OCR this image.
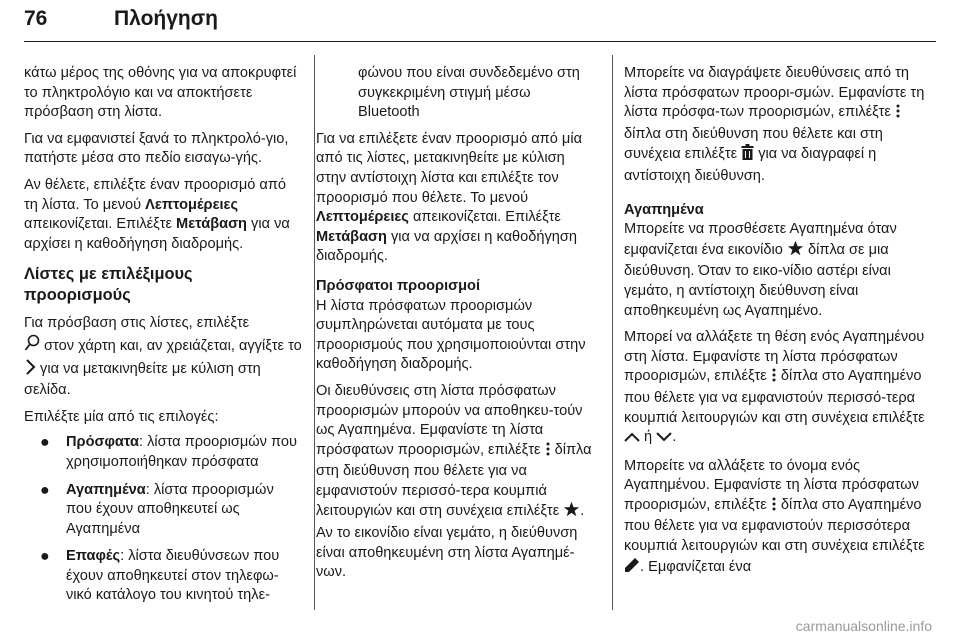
76	Πλοήγηση

κάτω μέρος της οθόνης για να αποκρυφτεί το πληκτρολόγιο και να αποκτήσετε πρόσβαση στη λίστα.

Για να εμφανιστεί ξανά το πληκτρολό-γιο, πατήστε μέσα στο πεδίο εισαγω-γής.

Αν θέλετε, επιλέξτε έναν προορισμό από τη λίστα. Το μενού Λεπτομέρειες απεικονίζεται. Επιλέξτε Μετάβαση για να αρχίσει η καθοδήγηση διαδρομής.

Λίστες με επιλέξιμους προορισμούς

Για πρόσβαση στις λίστες, επιλέξτε
στον χάρτη και, αν χρειάζεται, αγγίξτε το  για να μετακινηθείτε με κύλιση στη σελίδα.

Επιλέξτε μία από τις επιλογές:

● Πρόσφατα: λίστα προορισμών που χρησιμοποιήθηκαν πρόσφατα
● Αγαπημένα: λίστα προορισμών που έχουν αποθηκευτεί ως Αγαπημένα
● Επαφές: λίστα διευθύνσεων που έχουν αποθηκευτεί στον τηλεφω-νικό κατάλογο του κινητού τηλε-

φώνου που είναι συνδεδεμένο στη συγκεκριμένη στιγμή μέσω Bluetooth

Για να επιλέξετε έναν προορισμό από μία από τις λίστες, μετακινηθείτε με κύλιση στην αντίστοιχη λίστα και επιλέξτε τον προορισμό που θέλετε. Το μενού Λεπτομέρειες απεικονίζεται. Επιλέξτε Μετάβαση για να αρχίσει η καθοδήγηση διαδρομής.

Πρόσφατοι προορισμοί

Η λίστα πρόσφατων προορισμών συμπληρώνεται αυτόματα με τους προορισμούς που χρησιμοποιούνται στην καθοδήγηση διαδρομής.

Οι διευθύνσεις στη λίστα πρόσφατων προορισμών μπορούν να αποθηκευ-τούν ως Αγαπημένα. Εμφανίστε τη λίστα πρόσφατων προορισμών, επιλέξτε  δίπλα στη διεύθυνση που θέλετε για να εμφανιστούν περισσό-τερα κουμπιά λειτουργιών και στη συνέχεια επιλέξτε . Αν το εικονίδιο είναι γεμάτο, η διεύθυνση είναι αποθηκευμένη στη λίστα Αγαπημέ-νων.

Μπορείτε να διαγράψετε διευθύνσεις από τη λίστα πρόσφατων προορι-σμών. Εμφανίστε τη λίστα πρόσφα-των προορισμών, επιλέξτε  δίπλα στη διεύθυνση που θέλετε και στη συνέχεια επιλέξτε  για να διαγραφεί η αντίστοιχη διεύθυνση.

Αγαπημένα

Μπορείτε να προσθέσετε Αγαπημένα όταν εμφανίζεται ένα εικονίδιο  δίπλα σε μια διεύθυνση. Όταν το εικο-νίδιο αστέρι είναι γεμάτο, η αντίστοιχη διεύθυνση είναι αποθηκευμένη ως Αγαπημένο.

Μπορεί να αλλάξετε τη θέση ενός Αγαπημένου στη λίστα. Εμφανίστε τη λίστα πρόσφατων προορισμών, επιλέξτε  δίπλα στο Αγαπημένο που θέλετε για να εμφανιστούν περισσό-τερα κουμπιά λειτουργιών και στη συνέχεια επιλέξτε  ή .

Μπορείτε να αλλάξετε το όνομα ενός Αγαπημένου. Εμφανίστε τη λίστα πρόσφατων προορισμών, επιλέξτε  δίπλα στο Αγαπημένο που θέλετε για να εμφανιστούν περισσότερα κουμπιά λειτουργιών και στη συνέχεια επιλέξτε . Εμφανίζεται ένα

carmanualsonline.info
